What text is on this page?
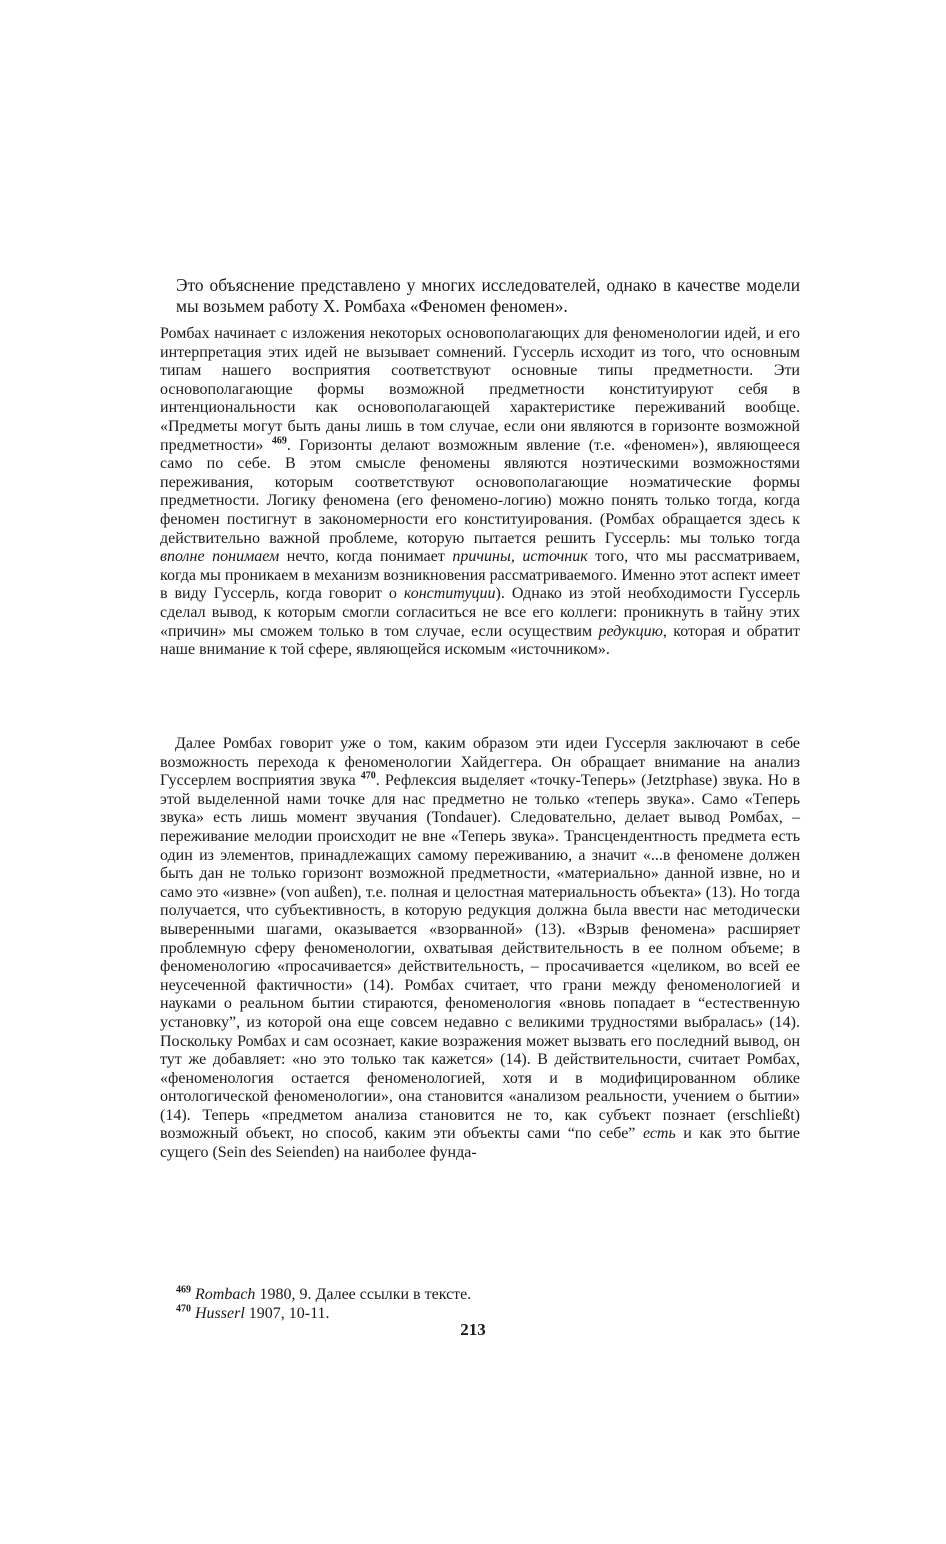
Это объяснение представлено у многих исследователей, однако в качестве модели мы возьмем работу Х. Ромбаха «Феномен феномен».

Ромбах начинает с изложения некоторых основополагающих для феноменологии идей, и его интерпретация этих идей не вызывает сомнений. Гуссерль исходит из того, что основным типам нашего восприятия соответствуют основные типы предметности. Эти основополагающие формы возможной предметности конституируют себя в интенциональности как основополагающей характеристике переживаний вообще. «Предметы могут быть даны лишь в том случае, если они являются в горизонте возможной предметности» $^{469}$. Горизонты делают возможным явление (т.е. «феномен»), являющееся само по себе. В этом смысле феномены являются ноэтическими возможностями переживания, которым соответствуют основополагающие ноэматические формы предметности. Логику феномена (его феномено-логию) можно понять только тогда, когда феномен постигнут в закономерности его конституирования. (Ромбах обращается здесь к действительно важной проблеме, которую пытается решить Гуссерль: мы только тогда вполне понимаем нечто, когда понимает причины, источник того, что мы рассматриваем, когда мы проникаем в механизм возникновения рассматриваемого. Именно этот аспект имеет в виду Гуссерль, когда говорит о конституции). Однако из этой необходимости Гуссерль сделал вывод, к которым смогли согласиться не все его коллеги: проникнуть в тайну этих «причин» мы сможем только в том случае, если осуществим редукцию, которая и обратит наше внимание к той сфере, являющейся искомым «источником».

Далее Ромбах говорит уже о том, каким образом эти идеи Гуссерля заключают в себе возможность перехода к феноменологии Хайдеггера. Он обращает внимание на анализ Гуссерлем восприятия звука $^{470}$. Рефлексия выделяет «точку-Теперь» (Jetztphase) звука. Но в этой выделенной нами точке для нас предметно не только «теперь звука». Само «Теперь звука» есть лишь момент звучания (Tondauer). Следовательно, делает вывод Ромбах, – переживание мелодии происходит не вне «Теперь звука». Трансцендентность предмета есть один из элементов, принадлежащих самому переживанию, а значит «...в феномене должен быть дан не только горизонт возможной предметности, «материально» данной извне, но и само это «извне» (von außen), т.е. полная и целостная материальность объекта» (13). Но тогда получается, что субъективность, в которую редукция должна была ввести нас методически выверенными шагами, оказывается «взорванной» (13). «Взрыв феномена» расширяет проблемную сферу феноменологии, охватывая действительность в ее полном объеме; в феноменологию «просачивается» действительность, – просачивается «целиком, во всей ее неусеченной фактичности» (14). Ромбах считает, что грани между феноменологией и науками о реальном бытии стираются, феноменология «вновь попадает в “естественную установку”, из которой она еще совсем недавно с великими трудностями выбралась» (14). Поскольку Ромбах и сам осознает, какие возражения может вызвать его последний вывод, он тут же добавляет: «но это только так кажется» (14). В действительности, считает Ромбах, «феноменология остается феноменологией, хотя и в модифицированном облике онтологической феноменологии», она становится «анализом реальности, учением о бытии» (14). Теперь «предметом анализа становится не то, как субъект познает (erschließt) возможный объект, но способ, каким эти объекты сами “по себе” есть и как это бытие сущего (Sein des Seienden) на наиболее фунда-

$^{469}$ Rombach 1980, 9. Далее ссылки в тексте.
$^{470}$ Husserl 1907, 10-11.
213
